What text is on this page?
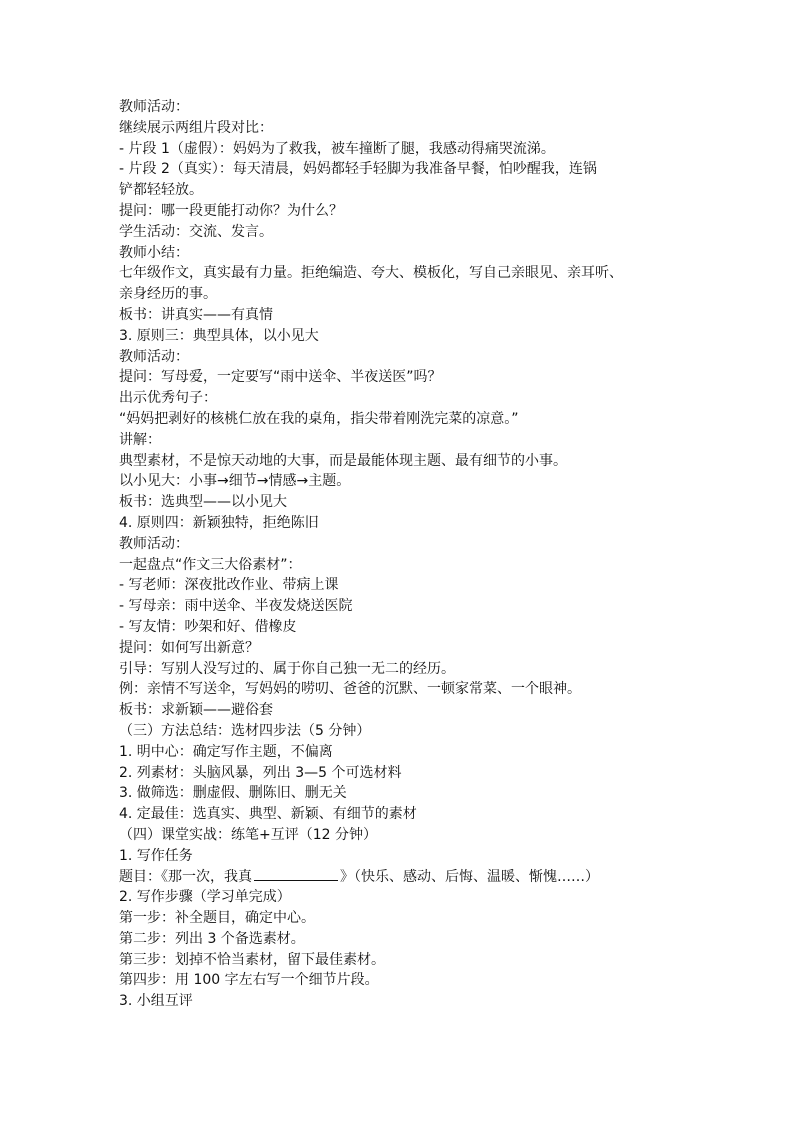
教师活动：

继续展示两组片段对比：

- 片段 1（虚假）：妈妈为了救我，被车撞断了腿，我感动得痛哭流涕。

- 片段 2（真实）：每天清晨，妈妈都轻手轻脚为我准备早餐，怕吵醒我，连锅

铲都轻轻放。

提问：哪一段更能打动你？为什么？

学生活动：交流、发言。

教师小结：

七年级作文，真实最有力量。拒绝编造、夸大、模板化，写自己亲眼见、亲耳听、

亲身经历的事。

板书：讲真实——有真情

3. 原则三：典型具体，以小见大

教师活动：

提问：写母爱，一定要写“雨中送伞、半夜送医”吗？

出示优秀句子：

“妈妈把剥好的核桃仁放在我的桌角，指尖带着刚洗完菜的凉意。”

讲解：

典型素材，不是惊天动地的大事，而是最能体现主题、最有细节的小事。

以小见大：小事→细节→情感→主题。

板书：选典型——以小见大

4. 原则四：新颖独特，拒绝陈旧

教师活动：

一起盘点“作文三大俗素材”：

- 写老师：深夜批改作业、带病上课

- 写母亲：雨中送伞、半夜发烧送医院

- 写友情：吵架和好、借橡皮

提问：如何写出新意？

引导：写别人没写过的、属于你自己独一无二的经历。

例：亲情不写送伞，写妈妈的唠叨、爸爸的沉默、一顿家常菜、一个眼神。

板书：求新颖——避俗套

（三）方法总结：选材四步法（5 分钟）

1. 明中心：确定写作主题，不偏离

2. 列素材：头脑风暴，列出 3—5 个可选材料

3. 做筛选：删虚假、删陈旧、删无关

4. 定最佳：选真实、典型、新颖、有细节的素材

（四）课堂实战：练笔+互评（12 分钟）

1. 写作任务

题目：《那一次，我真	》（快乐、感动、后悔、温暖、惭愧……）

2. 写作步骤（学习单完成）

第一步：补全题目，确定中心。

第二步：列出 3 个备选素材。

第三步：划掉不恰当素材，留下最佳素材。

第四步：用 100 字左右写一个细节片段。

3. 小组互评
